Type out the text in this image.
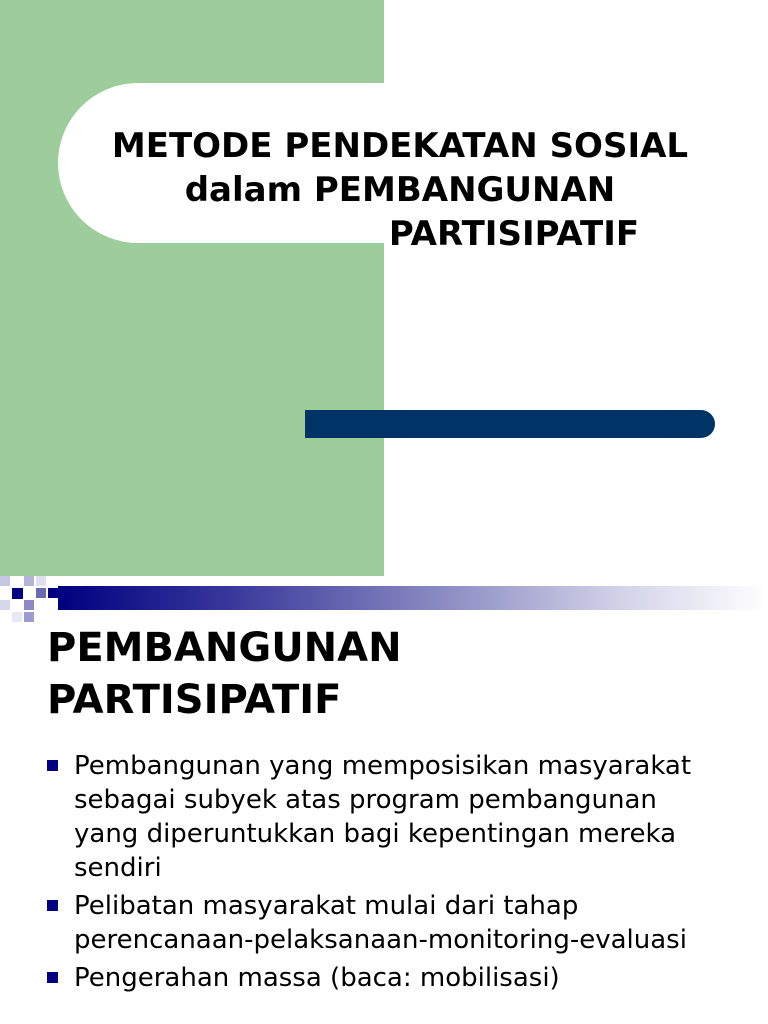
METODE PENDEKATAN SOSIAL
dalam PEMBANGUNAN
PARTISIPATIF
PEMBANGUNAN
PARTISIPATIF
Pembangunan yang memposisikan masyarakat sebagai subyek atas program pembangunan yang diperuntukkan bagi kepentingan mereka sendiri
Pelibatan masyarakat mulai dari tahap perencanaan-pelaksanaan-monitoring-evaluasi
Pengerahan massa (baca: mobilisasi)
